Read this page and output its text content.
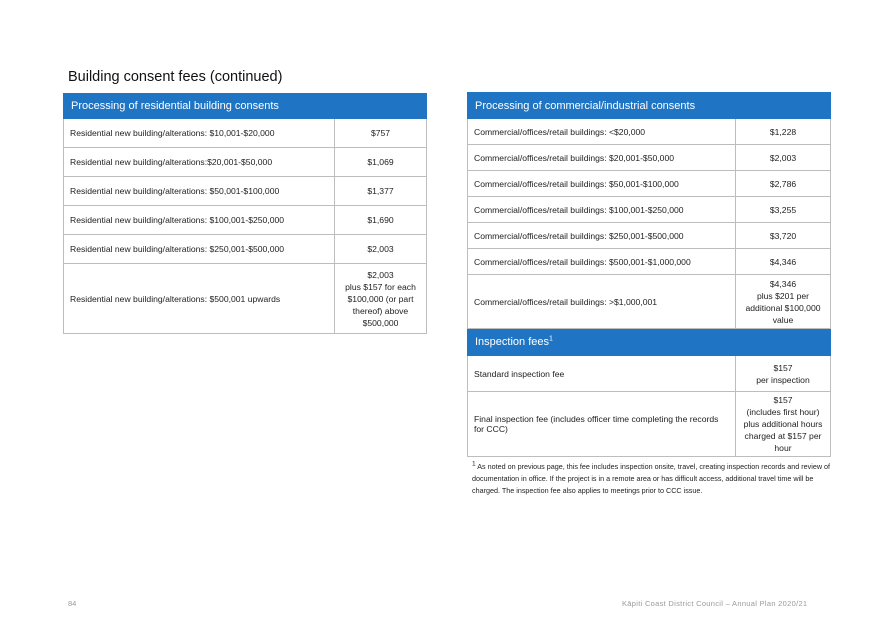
Building consent fees (continued)
Processing of residential building consents	
Residential new building/alterations: $10,001-$20,000	$757
Residential new building/alterations:$20,001-$50,000	$1,069
Residential new building/alterations: $50,001-$100,000	$1,377
Residential new building/alterations: $100,001-$250,000	$1,690
Residential new building/alterations: $250,001-$500,000	$2,003
Residential new building/alterations: $500,001 upwards	$2,003
plus $157 for each
$100,000 (or part
thereof) above
$500,000
Processing of commercial/industrial consents	
Commercial/offices/retail buildings: <$20,000	$1,228
Commercial/offices/retail buildings: $20,001-$50,000	$2,003
Commercial/offices/retail buildings: $50,001-$100,000	$2,786
Commercial/offices/retail buildings: $100,001-$250,000	$3,255
Commercial/offices/retail buildings: $250,001-$500,000	$3,720
Commercial/offices/retail buildings: $500,001-$1,000,000	$4,346
Commercial/offices/retail buildings: >$1,000,001	$4,346
plus $201 per
additional $100,000
value

Inspection fees$^1$	
Standard inspection fee	$157
per inspection

Final inspection fee (includes officer time completing the records for CCC)	$157
(includes first hour)
plus additional hours
charged at $157 per
hour
$^1$ As noted on previous page, this fee includes inspection onsite, travel, creating inspection records and review of documentation in office. If the project is in a remote area or has difficult access, additional travel time will be charged. The inspection fee also applies to meetings prior to CCC issue.
84	Kāpiti Coast District Council – Annual Plan 2020/21
